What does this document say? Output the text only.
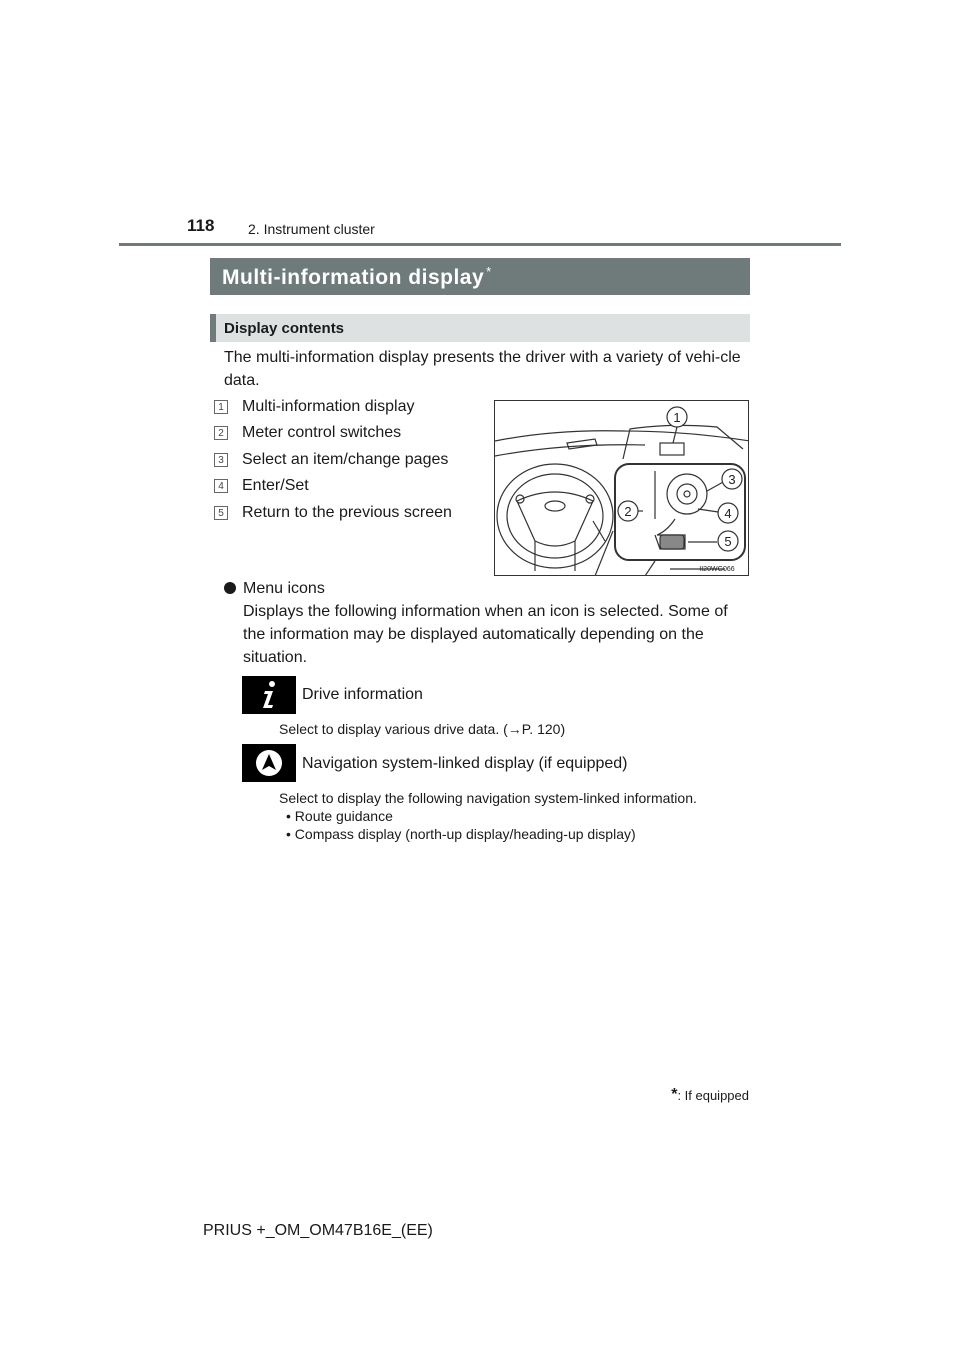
118 2. Instrument cluster
Multi-information display *
Display contents
The multi-information display presents the driver with a variety of vehi-cle data.
1 Multi-information display
2 Meter control switches
3 Select an item/change pages
4 Enter/Set
5 Return to the previous screen
1
3
2	4
5
II20WG066
Menu icons
Displays the following information when an icon is selected. Some of the information may be displayed automatically depending on the situation.
Drive information
Select to display various drive data. (→P. 120)
Navigation system-linked display (if equipped)
Select to display the following navigation system-linked information.
• Route guidance
• Compass display (north-up display/heading-up display)
* : If equipped
PRIUS +_OM_OM47B16E_(EE)
